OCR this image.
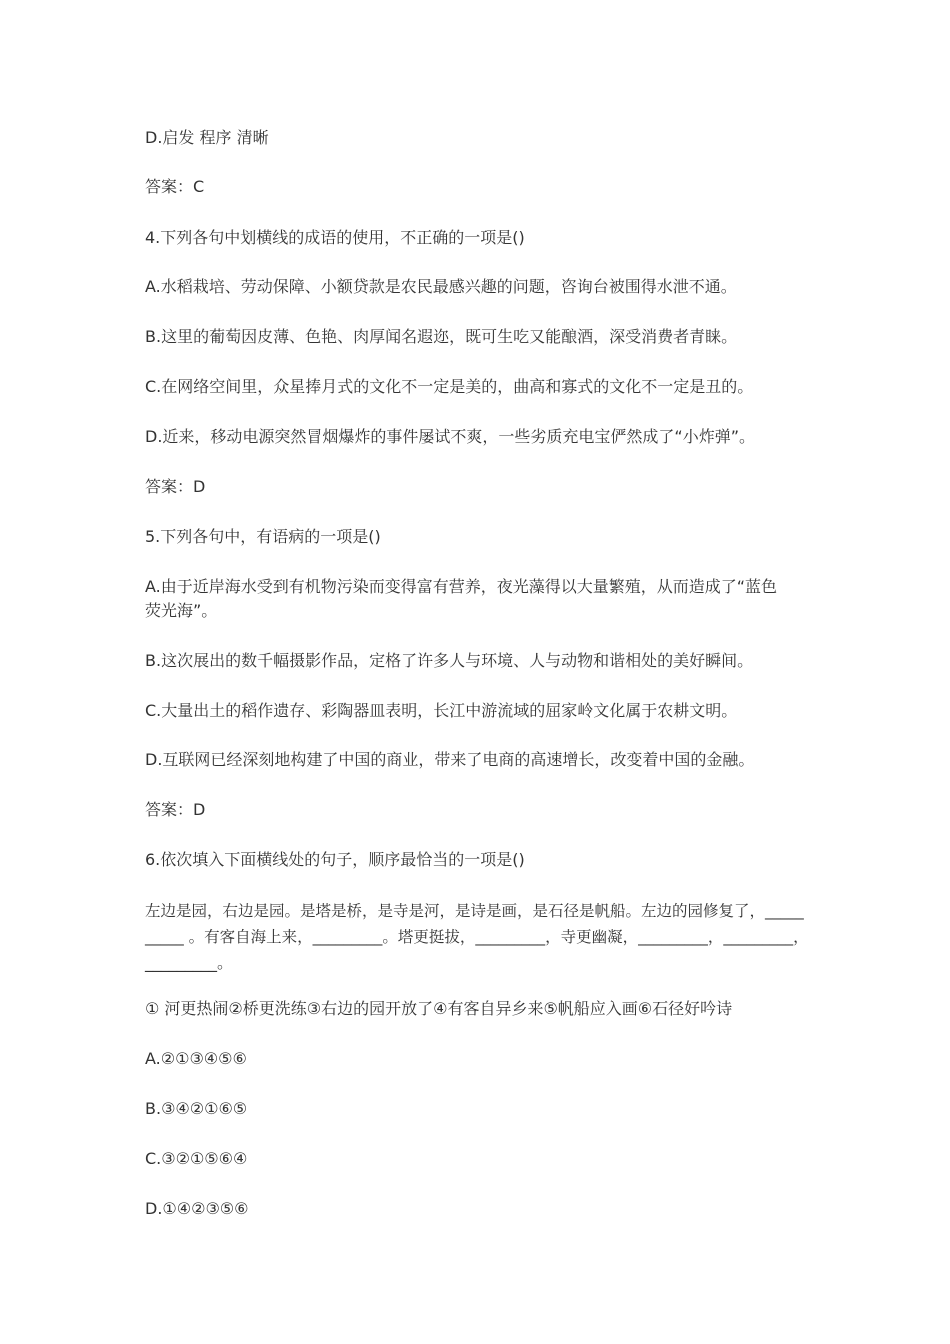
D.启发 程序 清晰

答案：C

4.下列各句中划横线的成语的使用，不正确的一项是()

A.水稻栽培、劳动保障、小额贷款是农民最感兴趣的问题，咨询台被围得水泄不通。

B.这里的葡萄因皮薄、色艳、肉厚闻名遐迩，既可生吃又能酿酒，深受消费者青睐。

C.在网络空间里，众星捧月式的文化不一定是美的，曲高和寡式的文化不一定是丑的。

D.近来，移动电源突然冒烟爆炸的事件屡试不爽，一些劣质充电宝俨然成了“小炸弹”。

答案：D

5.下列各句中，有语病的一项是()

A.由于近岸海水受到有机物污染而变得富有营养，夜光藻得以大量繁殖，从而造成了“蓝色

荧光海”。

B.这次展出的数千幅摄影作品，定格了许多人与环境、人与动物和谐相处的美好瞬间。

C.大量出土的稻作遗存、彩陶器皿表明，长江中游流域的屈家岭文化属于农耕文明。

D.互联网已经深刻地构建了中国的商业，带来了电商的高速增长，改变着中国的金融。

答案：D

6.依次填入下面横线处的句子，顺序最恰当的一项是()

左边是园，右边是园。是塔是桥，是寺是河，是诗是画，是石径是帆船。左边的园修复了，_____

_____ 。有客自海上来，_________。塔更挺拔，_________，寺更幽凝，_________，_________，

_________。

① 河更热闹②桥更洗练③右边的园开放了④有客自异乡来⑤帆船应入画⑥石径好吟诗

A.②①③④⑤⑥

B.③④②①⑥⑤

C.③②①⑤⑥④

D.①④②③⑤⑥
